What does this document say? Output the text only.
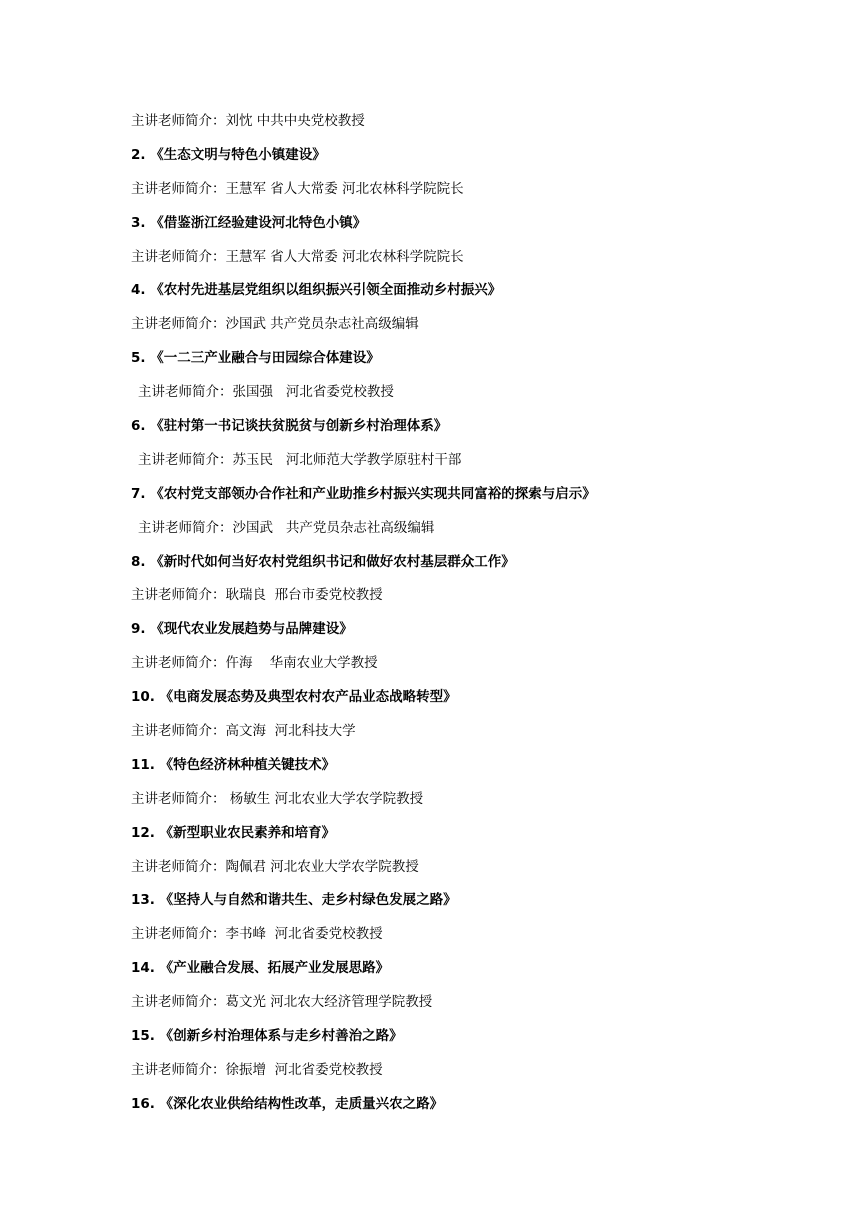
主讲老师简介：刘忱 中共中央党校教授
2. 《生态文明与特色小镇建设》
主讲老师简介：王慧军 省人大常委 河北农林科学院院长
3. 《借鉴浙江经验建设河北特色小镇》
主讲老师简介：王慧军 省人大常委 河北农林科学院院长
4. 《农村先进基层党组织以组织振兴引领全面推动乡村振兴》
主讲老师简介：沙国武 共产党员杂志社高级编辑
5. 《一二三产业融合与田园综合体建设》
主讲老师简介：张国强   河北省委党校教授
6. 《驻村第一书记谈扶贫脱贫与创新乡村治理体系》
主讲老师简介：苏玉民   河北师范大学教学原驻村干部
7. 《农村党支部领办合作社和产业助推乡村振兴实现共同富裕的探索与启示》
主讲老师简介：沙国武   共产党员杂志社高级编辑
8. 《新时代如何当好农村党组织书记和做好农村基层群众工作》
主讲老师简介：耿瑞良  邢台市委党校教授
9. 《现代农业发展趋势与品牌建设》
主讲老师简介：仵海    华南农业大学教授
10. 《电商发展态势及典型农村农产品业态战略转型》
主讲老师简介：高文海  河北科技大学
11. 《特色经济林种植关键技术》
主讲老师简介： 杨敏生 河北农业大学农学院教授
12. 《新型职业农民素养和培育》
主讲老师简介：陶佩君 河北农业大学农学院教授
13. 《坚持人与自然和谐共生、走乡村绿色发展之路》
主讲老师简介：李书峰  河北省委党校教授
14. 《产业融合发展、拓展产业发展思路》
主讲老师简介：葛文光 河北农大经济管理学院教授
15. 《创新乡村治理体系与走乡村善治之路》
主讲老师简介：徐振增  河北省委党校教授
16. 《深化农业供给结构性改革，走质量兴农之路》
